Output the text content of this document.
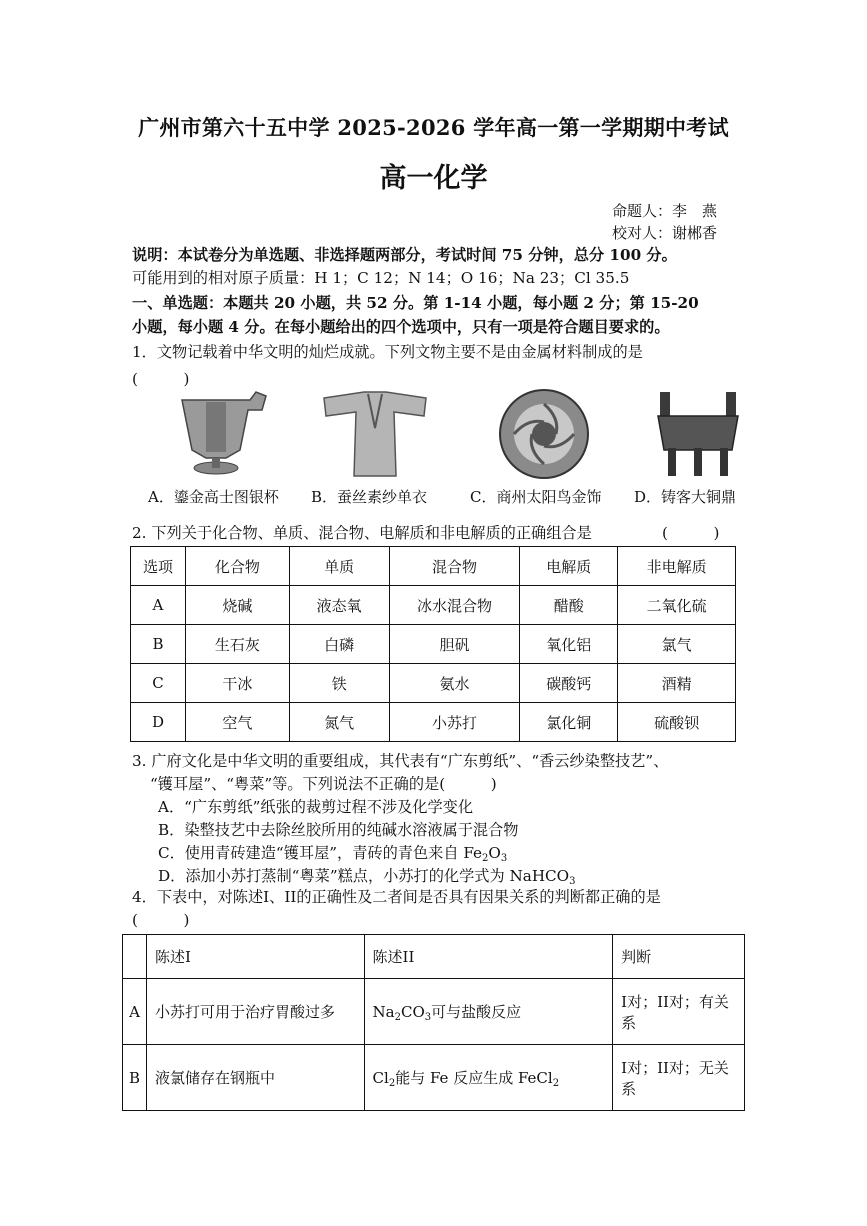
广州市第六十五中学 2025-2026 学年高一第一学期期中考试
高一化学
命题人：李　燕
校对人：谢郴香
说明：本试卷分为单选题、非选择题两部分，考试时间 75 分钟，总分 100 分。
可能用到的相对原子质量：H 1；C 12；N 14；O 16；Na 23；Cl 35.5
一、单选题：本题共 20 小题，共 52 分。第 1-14 小题，每小题 2 分；第 15-20
小题，每小题 4 分。在每小题给出的四个选项中，只有一项是符合题目要求的。
1．文物记载着中华文明的灿烂成就。下列文物主要不是由金属材料制成的是
(　　　)
A．鎏金高士图银杯 B．蚕丝素纱单衣	C．商州太阳鸟金饰 D．铸客大铜鼎
2. 下列关于化合物、单质、混合物、电解质和非电解质的正确组合是	(　　　)
选项	化合物	单质	混合物	电解质	非电解质
A	烧碱	液态氧	冰水混合物	醋酸	二氧化硫
B	生石灰	白磷	胆矾	氧化铝	氯气
C	干冰	铁	氨水	碳酸钙	酒精
D	空气	氮气	小苏打	氯化铜	硫酸钡
3. 广府文化是中华文明的重要组成，其代表有“广东剪纸”、“香云纱染整技艺”、
“镬耳屋”、“粤菜”等。下列说法不正确的是(　　　)
A．“广东剪纸”纸张的裁剪过程不涉及化学变化
B．染整技艺中去除丝胶所用的纯碱水溶液属于混合物
C．使用青砖建造“镬耳屋”，青砖的青色来自 $Fe_2O_3$
D．添加小苏打蒸制“粤菜”糕点，小苏打的化学式为 NaHCO$_3$
4．下表中，对陈述I、II的正确性及二者间是否具有因果关系的判断都正确的是
(　　　)
	陈述I	陈述II	判断
A	小苏打可用于治疗胃酸过多	$Na_2CO_3$可与盐酸反应	I对；II对；有关系
B	液氯储存在钢瓶中	$Cl_2$能与 Fe 反应生成 FeCl$_2$	I对；II对；无关系
